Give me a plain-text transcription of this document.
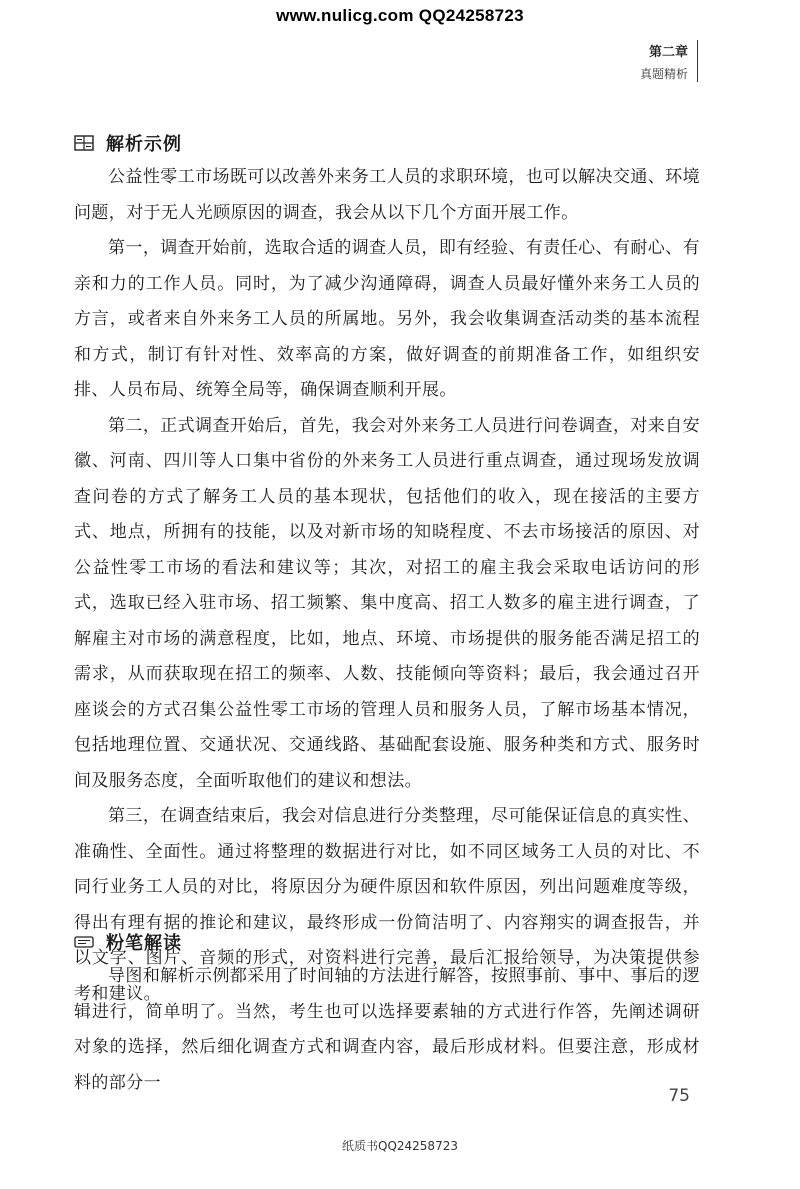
www.nulicg.com QQ24258723
第二章
真题精析
解析示例

公益性零工市场既可以改善外来务工人员的求职环境，也可以解决交通、环境问题，对于无人光顾原因的调查，我会从以下几个方面开展工作。

第一，调查开始前，选取合适的调查人员，即有经验、有责任心、有耐心、有亲和力的工作人员。同时，为了减少沟通障碍，调查人员最好懂外来务工人员的方言，或者来自外来务工人员的所属地。另外，我会收集调查活动类的基本流程和方式，制订有针对性、效率高的方案，做好调查的前期准备工作，如组织安排、人员布局、统筹全局等，确保调查顺利开展。

第二，正式调查开始后，首先，我会对外来务工人员进行问卷调查，对来自安徽、河南、四川等人口集中省份的外来务工人员进行重点调查，通过现场发放调查问卷的方式了解务工人员的基本现状，包括他们的收入，现在接活的主要方式、地点，所拥有的技能，以及对新市场的知晓程度、不去市场接活的原因、对公益性零工市场的看法和建议等；其次，对招工的雇主我会采取电话访问的形式，选取已经入驻市场、招工频繁、集中度高、招工人数多的雇主进行调查，了解雇主对市场的满意程度，比如，地点、环境、市场提供的服务能否满足招工的需求，从而获取现在招工的频率、人数、技能倾向等资料；最后，我会通过召开座谈会的方式召集公益性零工市场的管理人员和服务人员，了解市场基本情况，包括地理位置、交通状况、交通线路、基础配套设施、服务种类和方式、服务时间及服务态度，全面听取他们的建议和想法。

第三，在调查结束后，我会对信息进行分类整理，尽可能保证信息的真实性、准确性、全面性。通过将整理的数据进行对比，如不同区域务工人员的对比、不同行业务工人员的对比，将原因分为硬件原因和软件原因，列出问题难度等级，得出有理有据的推论和建议，最终形成一份简洁明了、内容翔实的调查报告，并以文字、图片、音频的形式，对资料进行完善，最后汇报给领导，为决策提供参考和建议。

粉笔解读

导图和解析示例都采用了时间轴的方法进行解答，按照事前、事中、事后的逻辑进行，简单明了。当然，考生也可以选择要素轴的方式进行作答，先阐述调研对象的选择，然后细化调查方式和调查内容，最后形成材料。但要注意，形成材料的部分一

75
纸质书QQ24258723
